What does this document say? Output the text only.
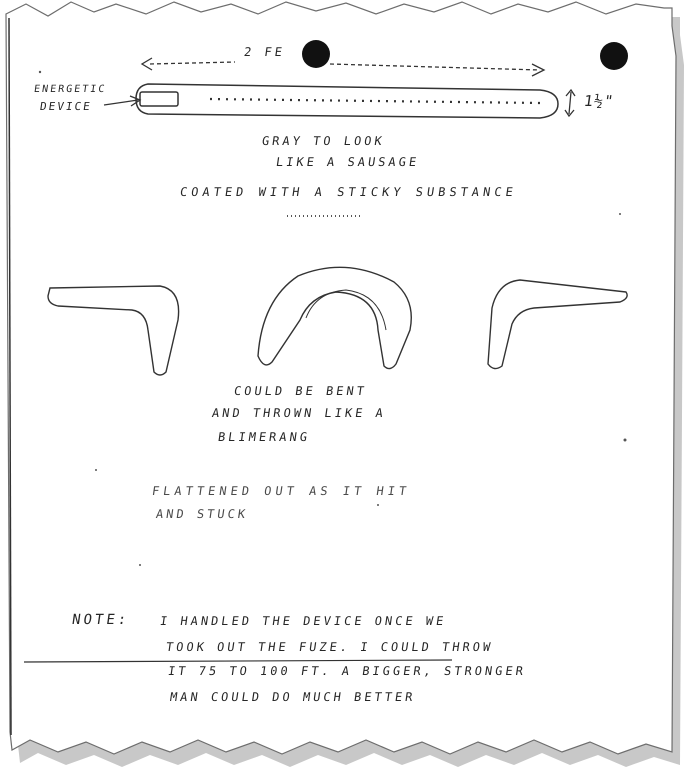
2 FE
ENERGETIC
DEVICE	1½"
GRAY TO LOOK
LIKE A SAUSAGE
COATED WITH A STICKY SUBSTANCE
COULD BE BENT
AND THROWN LIKE A
BLIMERANG
FLATTENED OUT AS IT HIT
AND STUCK
NOTE: I HANDLED THE DEVICE ONCE WE
TOOK OUT THE FUZE. I COULD THROW
IT 75 TO 100 FT. A BIGGER, STRONGER
MAN COULD DO MUCH BETTER
